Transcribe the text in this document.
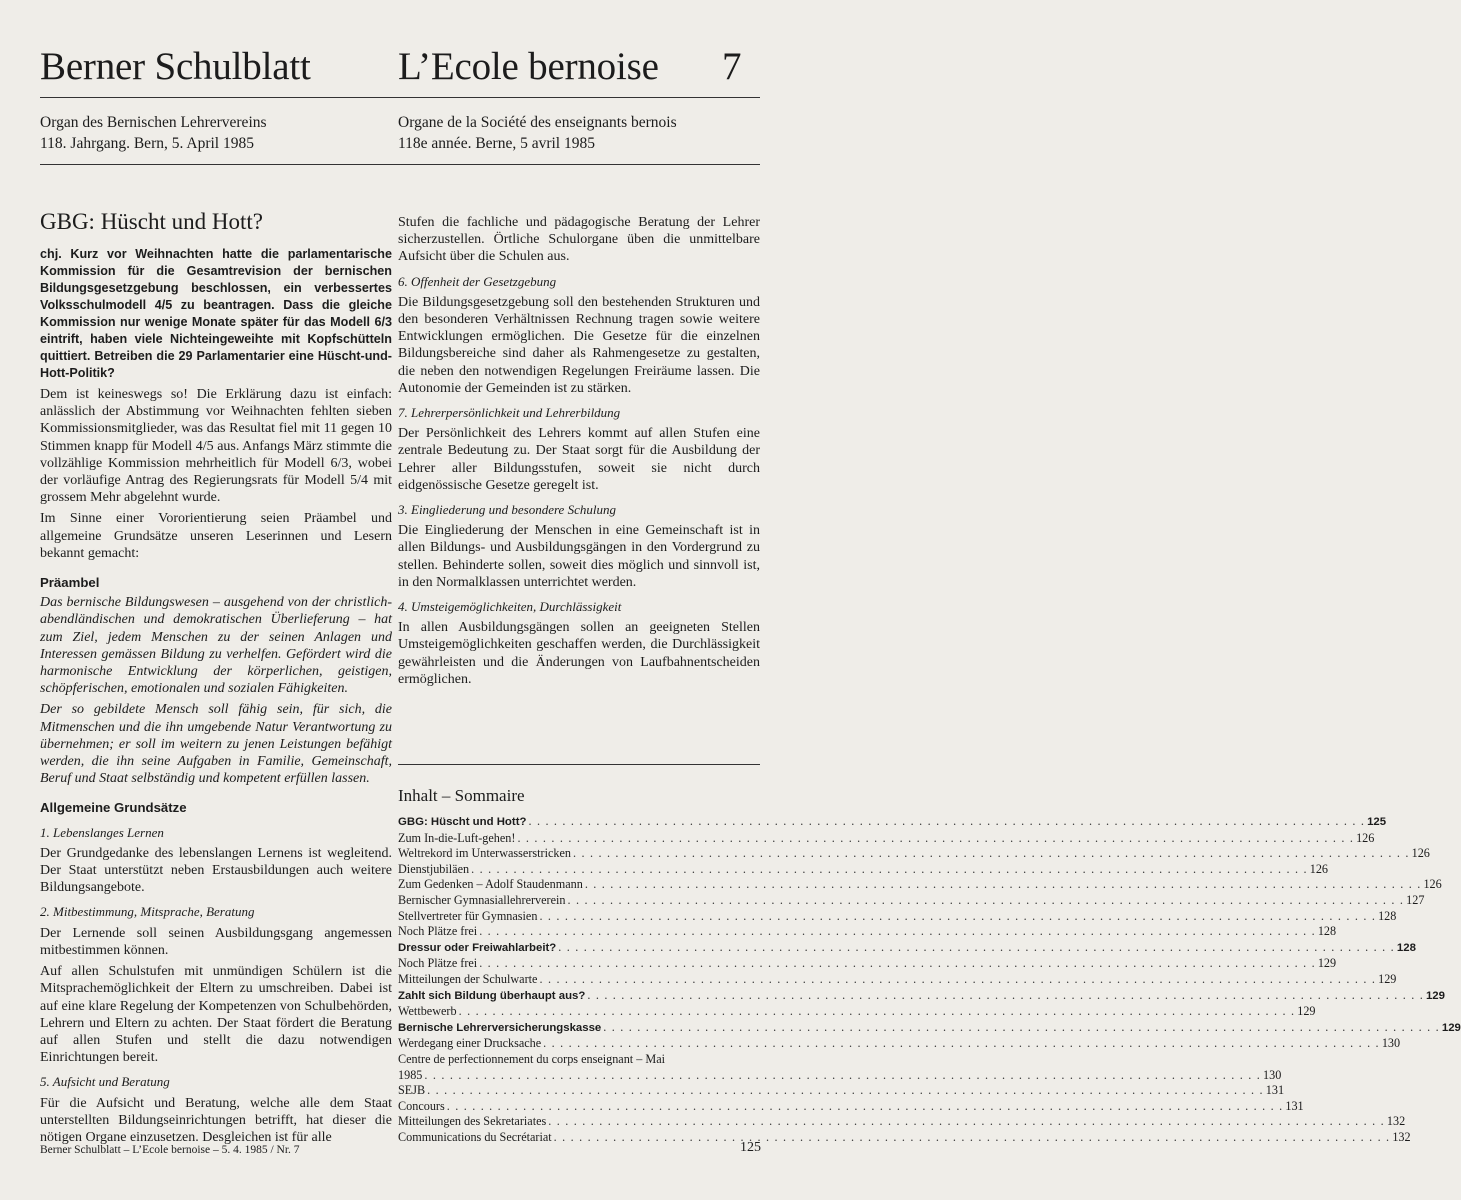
Berner Schulblatt L’Ecole bernoise 7
Organ des Bernischen Lehrervereins
118. Jahrgang. Bern, 5. April 1985
Organe de la Société des enseignants bernois
118e année. Berne, 5 avril 1985
GBG: Hüscht und Hott?

chj. Kurz vor Weihnachten hatte die parlamentarische Kommission für die Gesamtrevision der bernischen Bildungsgesetzgebung beschlossen, ein verbessertes Volksschulmodell 4/5 zu beantragen. Dass die gleiche Kommission nur wenige Monate später für das Modell 6/3 eintrift, haben viele Nichteingeweihte mit Kopfschütteln quittiert. Betreiben die 29 Parlamentarier eine Hüscht-und-Hott-Politik?

Dem ist keineswegs so! Die Erklärung dazu ist einfach: anlässlich der Abstimmung vor Weihnachten fehlten sieben Kommissionsmitglieder, was das Resultat fiel mit 11 gegen 10 Stimmen knapp für Modell 4/5 aus. Anfangs März stimmte die vollzählige Kommission mehrheitlich für Modell 6/3, wobei der vorläufige Antrag des Regierungsrats für Modell 5/4 mit grossem Mehr abgelehnt wurde.

Im Sinne einer Vororientierung seien Präambel und allgemeine Grundsätze unseren Leserinnen und Lesern bekannt gemacht:

Präambel

Das bernische Bildungswesen – ausgehend von der christlich-abendländischen und demokratischen Überlieferung – hat zum Ziel, jedem Menschen zu der seinen Anlagen und Interessen gemässen Bildung zu verhelfen. Gefördert wird die harmonische Entwicklung der körperlichen, geistigen, schöpferischen, emotionalen und sozialen Fähigkeiten.

Der so gebildete Mensch soll fähig sein, für sich, die Mitmenschen und die ihn umgebende Natur Verantwortung zu übernehmen; er soll im weitern zu jenen Leistungen befähigt werden, die ihn seine Aufgaben in Familie, Gemeinschaft, Beruf und Staat selbständig und kompetent erfüllen lassen.

Allgemeine Grundsätze
1. Lebenslanges Lernen

Der Grundgedanke des lebenslangen Lernens ist wegleitend. Der Staat unterstützt neben Erstausbildungen auch weitere Bildungsangebote.

2. Mitbestimmung, Mitsprache, Beratung

Der Lernende soll seinen Ausbildungsgang angemessen mitbestimmen können.

Auf allen Schulstufen mit unmündigen Schülern ist die Mitsprachemöglichkeit der Eltern zu umschreiben. Dabei ist auf eine klare Regelung der Kompetenzen von Schulbehörden, Lehrern und Eltern zu achten. Der Staat fördert die Beratung auf allen Stufen und stellt die dazu notwendigen Einrichtungen bereit.

5. Aufsicht und Beratung

Für die Aufsicht und Beratung, welche alle dem Staat unterstellten Bildungseinrichtungen betrifft, hat dieser die nötigen Organe einzusetzen. Desgleichen ist für alle

Stufen die fachliche und pädagogische Beratung der Lehrer sicherzustellen. Örtliche Schulorgane üben die unmittelbare Aufsicht über die Schulen aus.

6. Offenheit der Gesetzgebung

Die Bildungsgesetzgebung soll den bestehenden Strukturen und den besonderen Verhältnissen Rechnung tragen sowie weitere Entwicklungen ermöglichen. Die Gesetze für die einzelnen Bildungsbereiche sind daher als Rahmengesetze zu gestalten, die neben den notwendigen Regelungen Freiräume lassen. Die Autonomie der Gemeinden ist zu stärken.

7. Lehrerpersönlichkeit und Lehrerbildung

Der Persönlichkeit des Lehrers kommt auf allen Stufen eine zentrale Bedeutung zu. Der Staat sorgt für die Ausbildung der Lehrer aller Bildungsstufen, soweit sie nicht durch eidgenössische Gesetze geregelt ist.

3. Eingliederung und besondere Schulung

Die Eingliederung der Menschen in eine Gemeinschaft ist in allen Bildungs- und Ausbildungsgängen in den Vordergrund zu stellen. Behinderte sollen, soweit dies möglich und sinnvoll ist, in den Normalklassen unterrichtet werden.

4. Umsteigemöglichkeiten, Durchlässigkeit

In allen Ausbildungsgängen sollen an geeigneten Stellen Umsteigemöglichkeiten geschaffen werden, die Durchlässigkeit gewährleisten und die Änderungen von Laufbahnentscheiden ermöglichen.

Inhalt – Sommaire
GBG: Hüscht und Hott? . . .	125
Zum In-die-Luft-gehen! . . .	126
Weltrekord im Unterwasserstricken . . .	126
Dienstjubiläen . . .	126
Zum Gedenken – Adolf Staudenmann . . .	126
Bernischer Gymnasiallehrerverein . . .	127
Stellvertreter für Gymnasien . . .	128
Noch Plätze frei . . .	128
Dressur oder Freiwahlarbeit? . . .	128
Noch Plätze frei . . .	129
Mitteilungen der Schulwarte . . .	129
Zahlt sich Bildung überhaupt aus? . . .	129
Wettbewerb . . .	129
Bernische Lehrerversicherungskasse . . .	129
Werdegang einer Drucksache . . .	130
Centre de perfectionnement du corps enseignant – Mai
1985 . . .	130
SEJB . . .	131
Concours . . .	131
Mitteilungen des Sekretariates . . .	132
Communications du Secrétariat . . .	132
Berner Schulblatt – L’Ecole bernoise – 5. 4. 1985 / Nr. 7	125
